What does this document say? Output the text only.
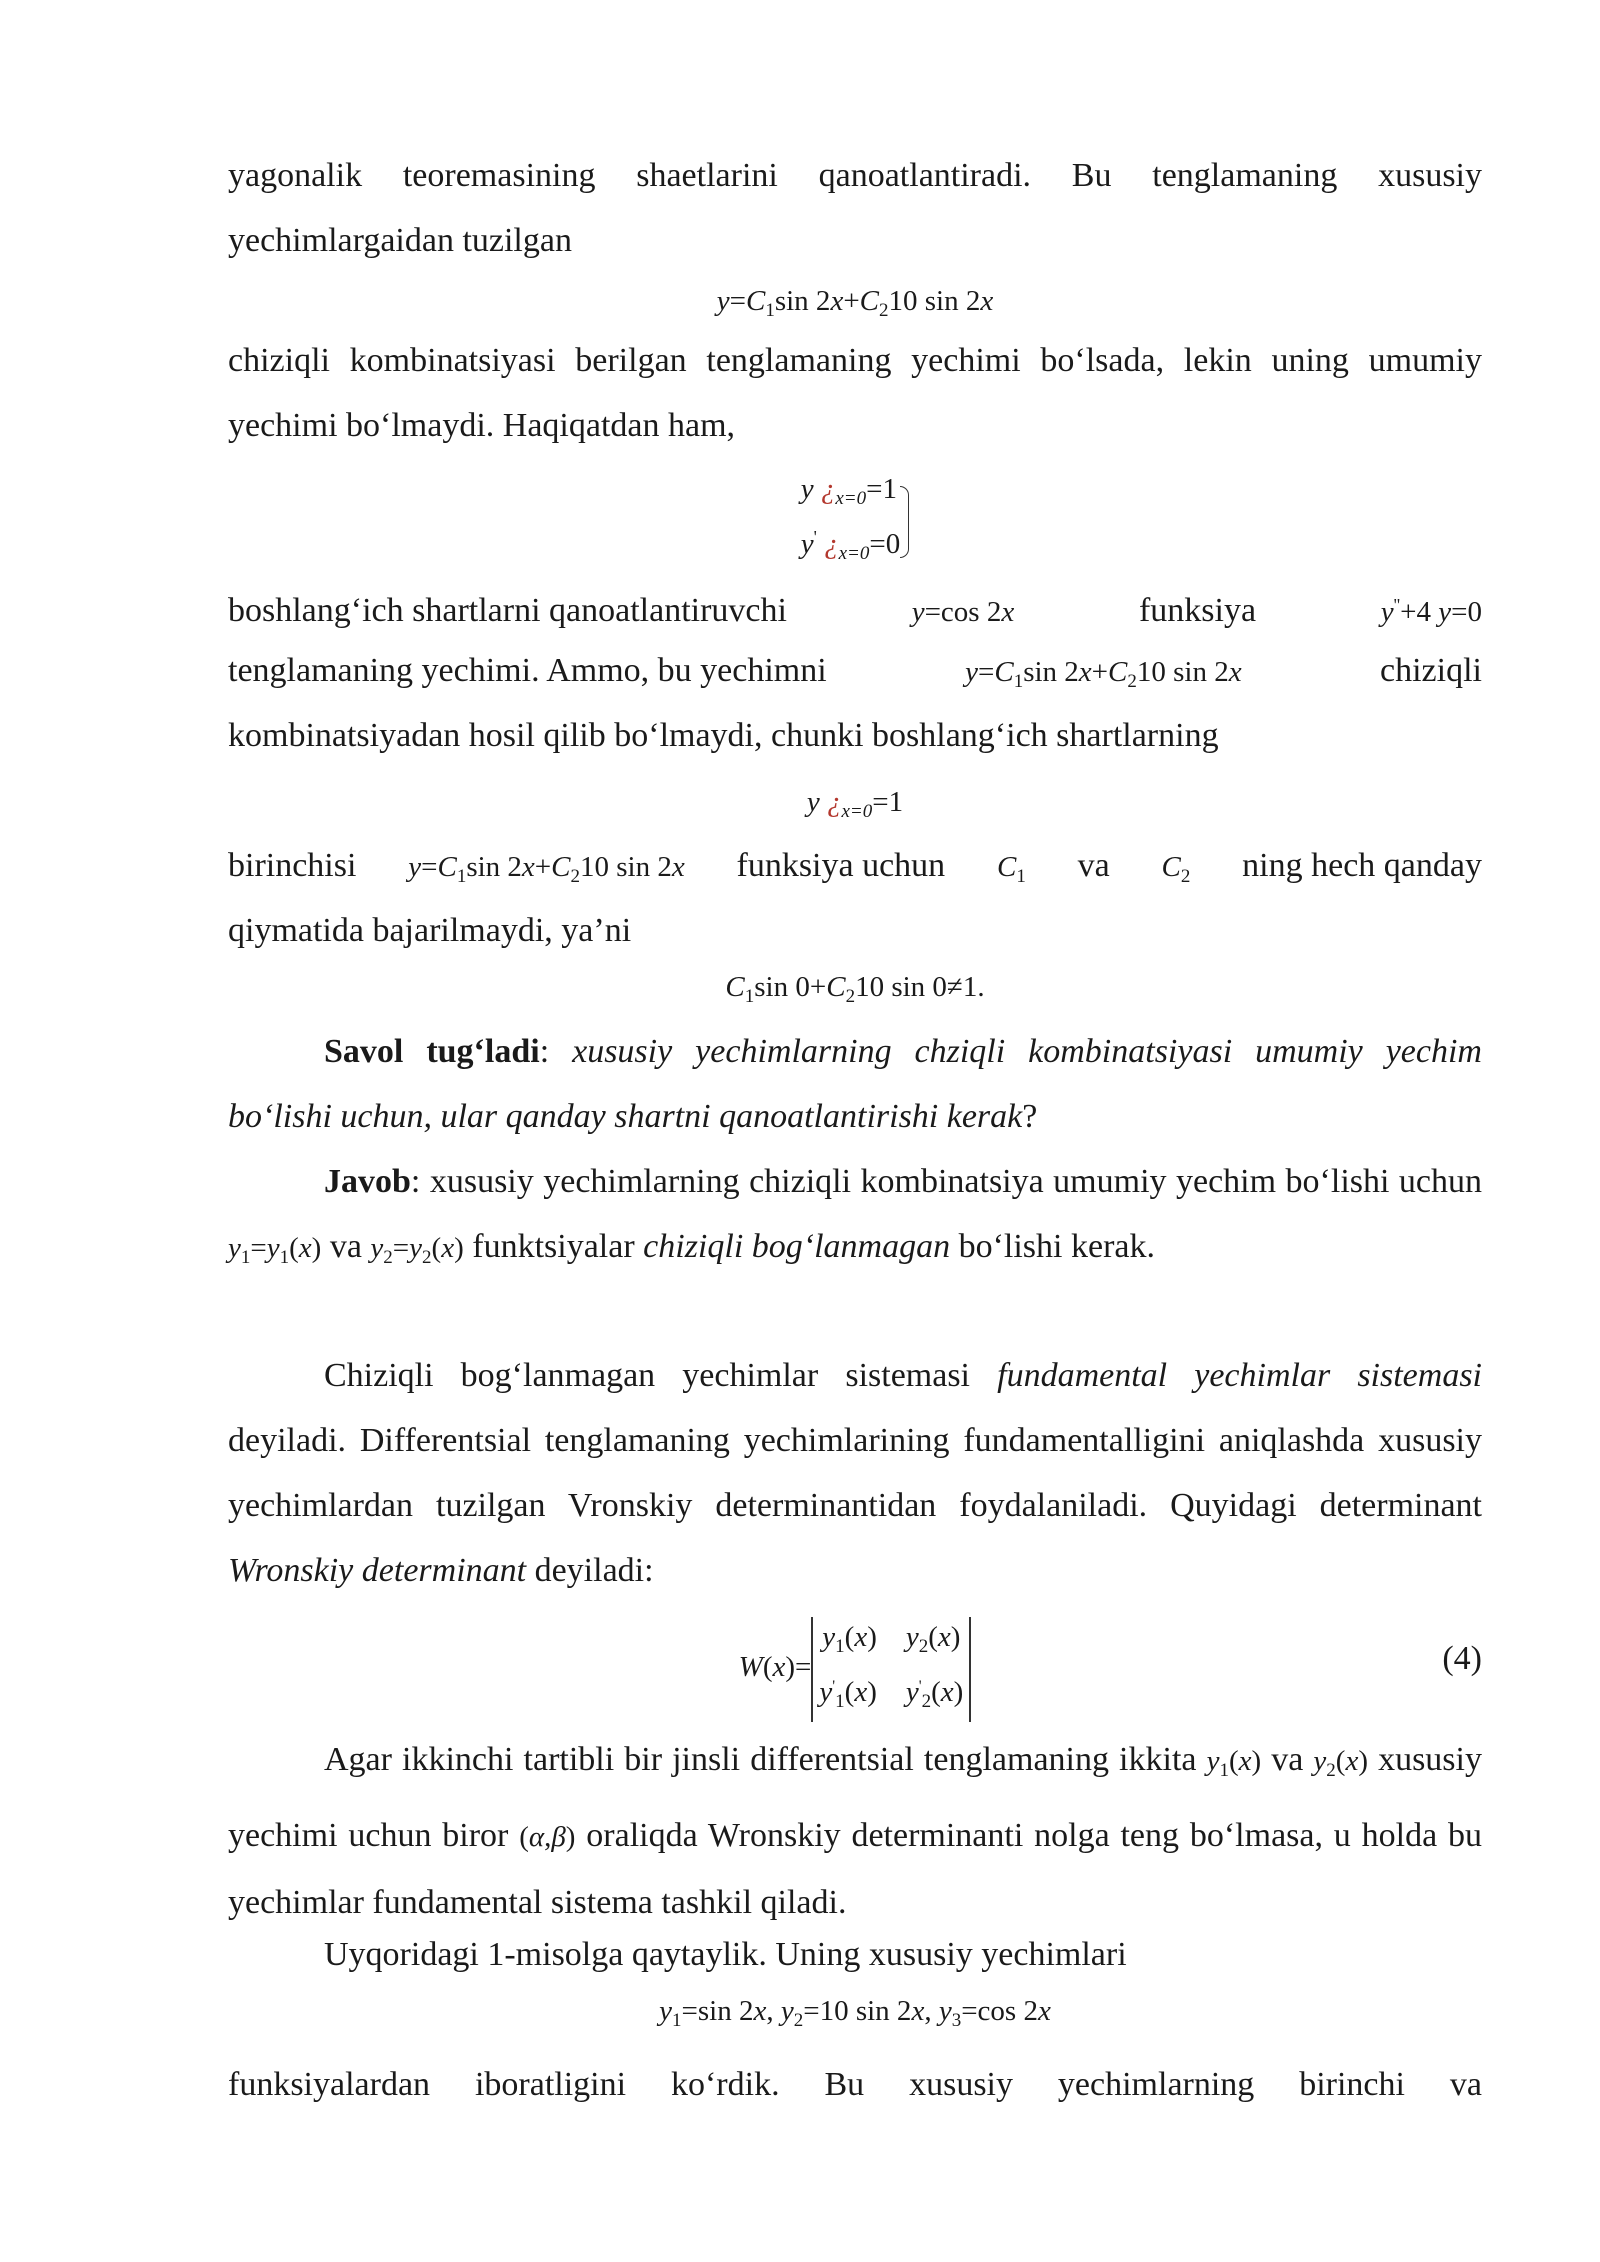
yagonalik teoremasining shaetlarini qanoatlantiradi. Bu tenglamaning xususiy yechimlargaidan tuzilgan
$y=C_1\sin$ $2x+C_210$ sin 2x
chiziqli kombinatsiyasi berilgan tenglamaning yechimi bo‘lsada, lekin uning umumiy yechimi bo‘lmaydi. Haqiqatdan ham,
y ¿$_{x=0}=1$
y' ¿$_{x=0}=0$
boshlang‘ich shartlarni qanoatlantiruvchi	y=cos 2x	funksiya	y''+4 y=0
tenglamaning yechimi. Ammo, bu yechimni	$y=C_1\sin$ $2x+C_210$ sin 2x	chiziqli
kombinatsiyadan hosil qilib bo‘lmaydi, chunki boshlang‘ich shartlarning
y ¿$_{x=0}=1$
birinchisi $y=C_1\sin$ $2x+C_210$ sin 2x funksiya uchun $C_1$ va $C_2$ ning hech qanday
qiymatida bajarilmaydi, ya’ni
$C_1\sin$ $0+C_210$ sin 0≠1.
Savol tug‘ladi: xususiy yechimlarning chziqli kombinatsiyasi umumiy yechim bo‘lishi uchun, ular qanday shartni qanoatlantirishi kerak?
Javob: xususiy yechimlarning chiziqli kombinatsiya umumiy yechim bo‘lishi uchun $y_1=y_1(x)$ va $y_2=y_2(x)$ funktsiyalar chiziqli bog‘lanmagan bo‘lishi kerak.
Chiziqli bog‘lanmagan yechimlar sistemasi fundamental yechimlar sistemasi deyiladi. Differentsial tenglamaning yechimlarining fundamentalligini aniqlashda xususiy yechimlardan tuzilgan Vronskiy determinantidan foydalaniladi. Quyidagi determinant Wronskiy determinant deyiladi:
W(x)=
$y_1(x)$    $y_2(x)$
$y'_1(x)$    $y'_2(x)$
(4)
Agar ikkinchi tartibli bir jinsli differentsial tenglamaning ikkita $y_1(x)$ va $y_2(x)$ xususiy yechimi uchun biror (α,β) oraliqda Wronskiy determinanti nolga teng bo‘lmasa, u holda bu yechimlar fundamental sistema tashkil qiladi.
Uyqoridagi 1-misolga qaytaylik. Uning xususiy yechimlari
$y_1=\sin$ 2x, $y_2=10$ sin 2x, $y_3=\cos$ 2x
funksiyalardan iboratligini ko‘rdik. Bu xususiy yechimlarning birinchi va
